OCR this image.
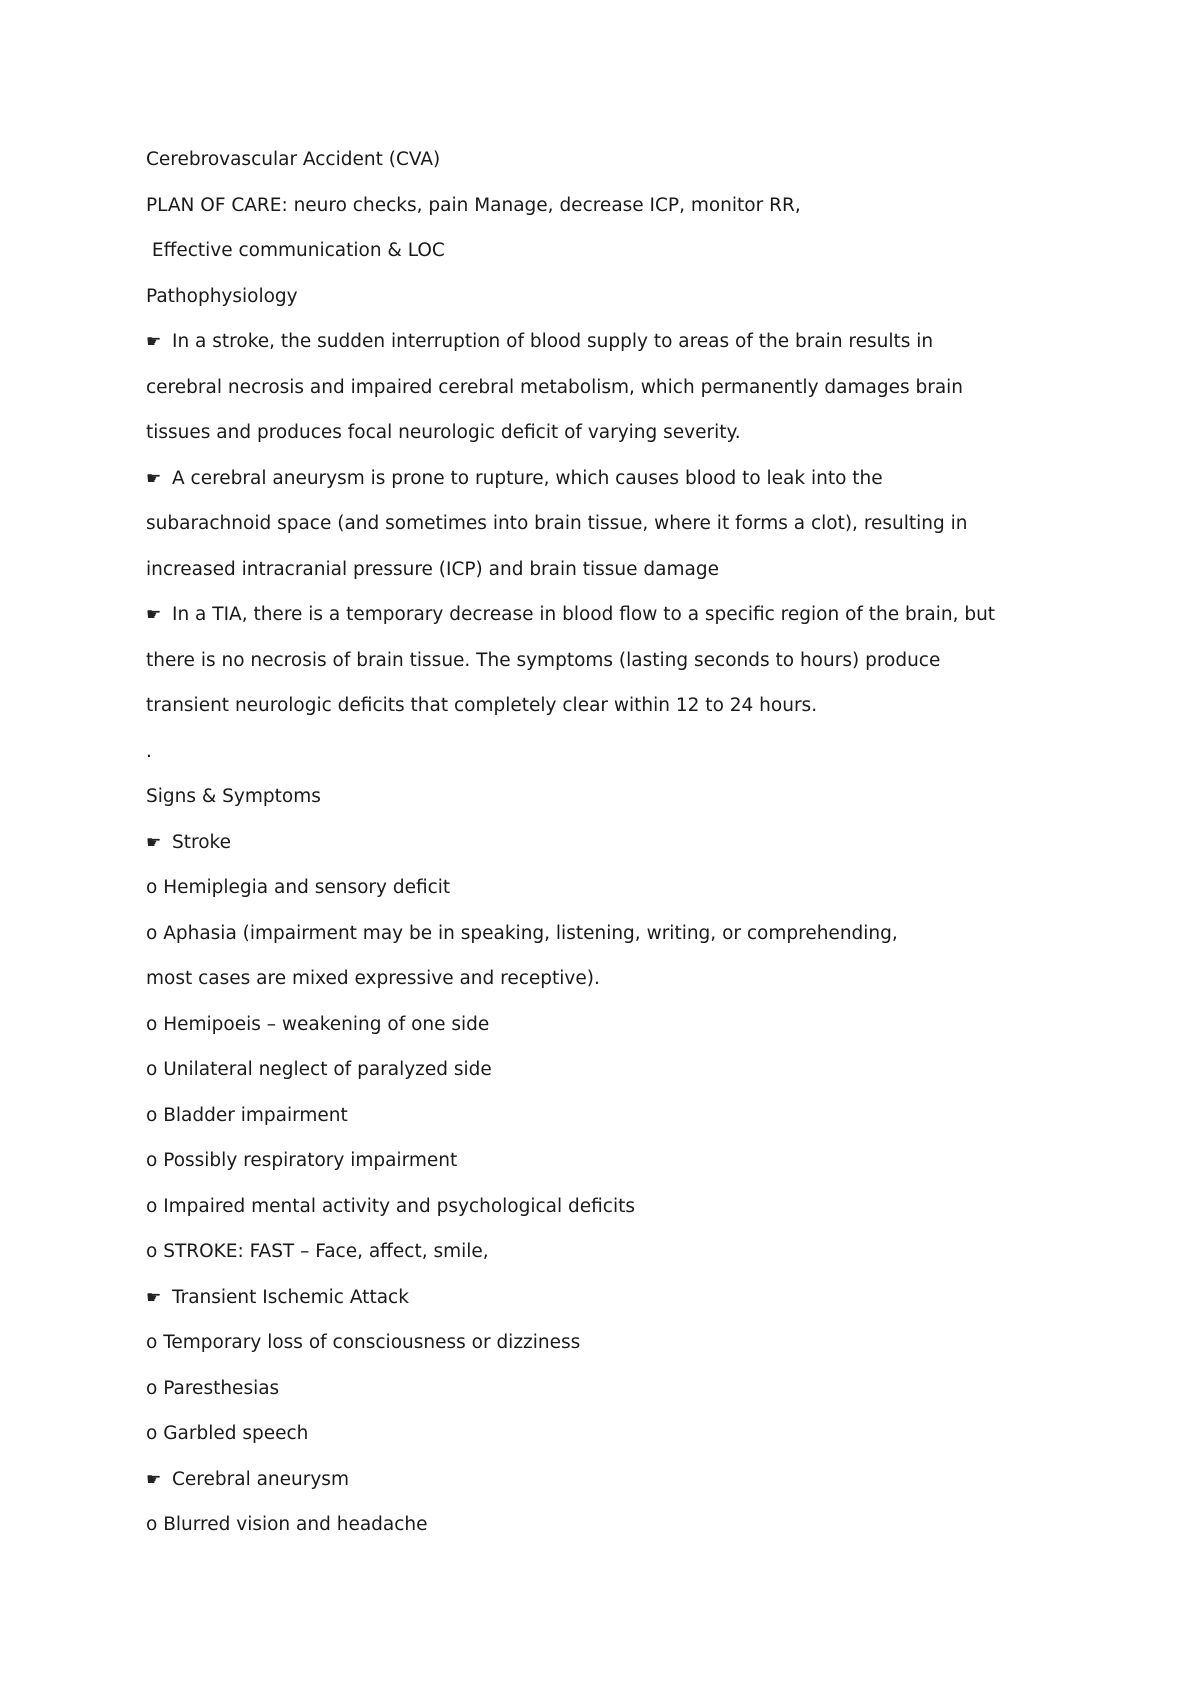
Cerebrovascular Accident (CVA)

PLAN OF CARE: neuro checks, pain Manage, decrease ICP, monitor RR,

Effective communication & LOC

Pathophysiology

☛ In a stroke, the sudden interruption of blood supply to areas of the brain results in

cerebral necrosis and impaired cerebral metabolism, which permanently damages brain

tissues and produces focal neurologic deficit of varying severity.

☛ A cerebral aneurysm is prone to rupture, which causes blood to leak into the

subarachnoid space (and sometimes into brain tissue, where it forms a clot), resulting in

increased intracranial pressure (ICP) and brain tissue damage

☛ In a TIA, there is a temporary decrease in blood flow to a specific region of the brain, but

there is no necrosis of brain tissue. The symptoms (lasting seconds to hours) produce

transient neurologic deficits that completely clear within 12 to 24 hours.

.

Signs & Symptoms

☛ Stroke

o Hemiplegia and sensory deficit

o Aphasia (impairment may be in speaking, listening, writing, or comprehending,

most cases are mixed expressive and receptive).

o Hemipoeis – weakening of one side

o Unilateral neglect of paralyzed side

o Bladder impairment

o Possibly respiratory impairment

o Impaired mental activity and psychological deficits

o STROKE: FAST – Face, affect, smile,

☛ Transient Ischemic Attack

o Temporary loss of consciousness or dizziness

o Paresthesias

o Garbled speech

☛ Cerebral aneurysm

o Blurred vision and headache
